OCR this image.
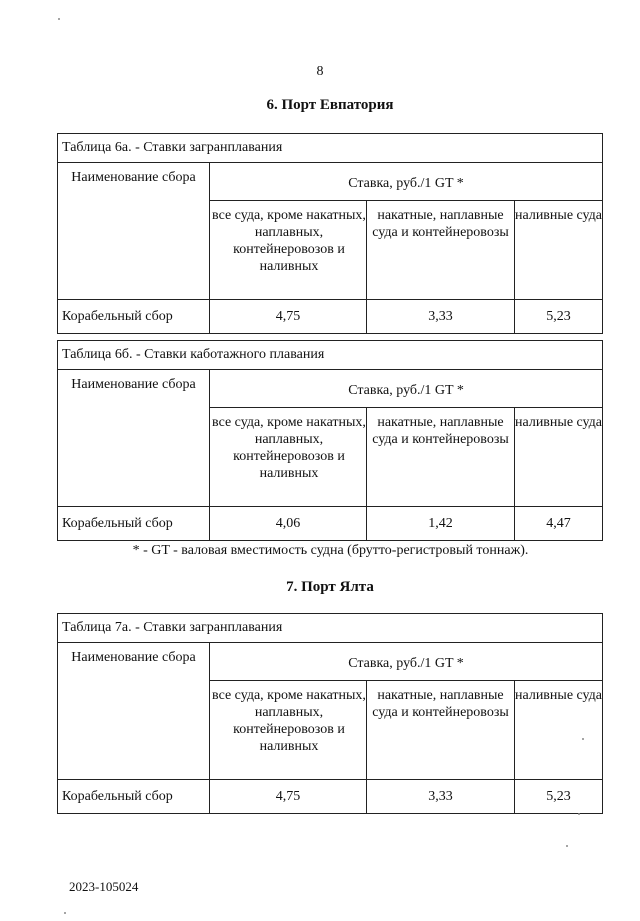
8
6. Порт Евпатория
Таблица 6а. - Ставки загранплавания			
Наименование сбора	Ставка, руб./1 GT *		
	все суда, кроме накатных, наплавных, контейнеровозов и наливных	накатные, наплавные суда и контейнеровозы	наливные суда
Корабельный сбор	4,75	3,33	5,23
Таблица 6б. - Ставки каботажного плавания			
Наименование сбора	Ставка, руб./1 GT *		
	все суда, кроме накатных, наплавных, контейнеровозов и наливных	накатные, наплавные суда и контейнеровозы	наливные суда
Корабельный сбор	4,06	1,42	4,47
* - GT - валовая вместимость судна (брутто-регистровый тоннаж).
7. Порт Ялта
Таблица 7а. - Ставки загранплавания			
Наименование сбора	Ставка, руб./1 GT *		
	все суда, кроме накатных, наплавных, контейнеровозов и наливных	накатные, наплавные суда и контейнеровозы	наливные суда
Корабельный сбор	4,75	3,33	5,23
2023-105024
